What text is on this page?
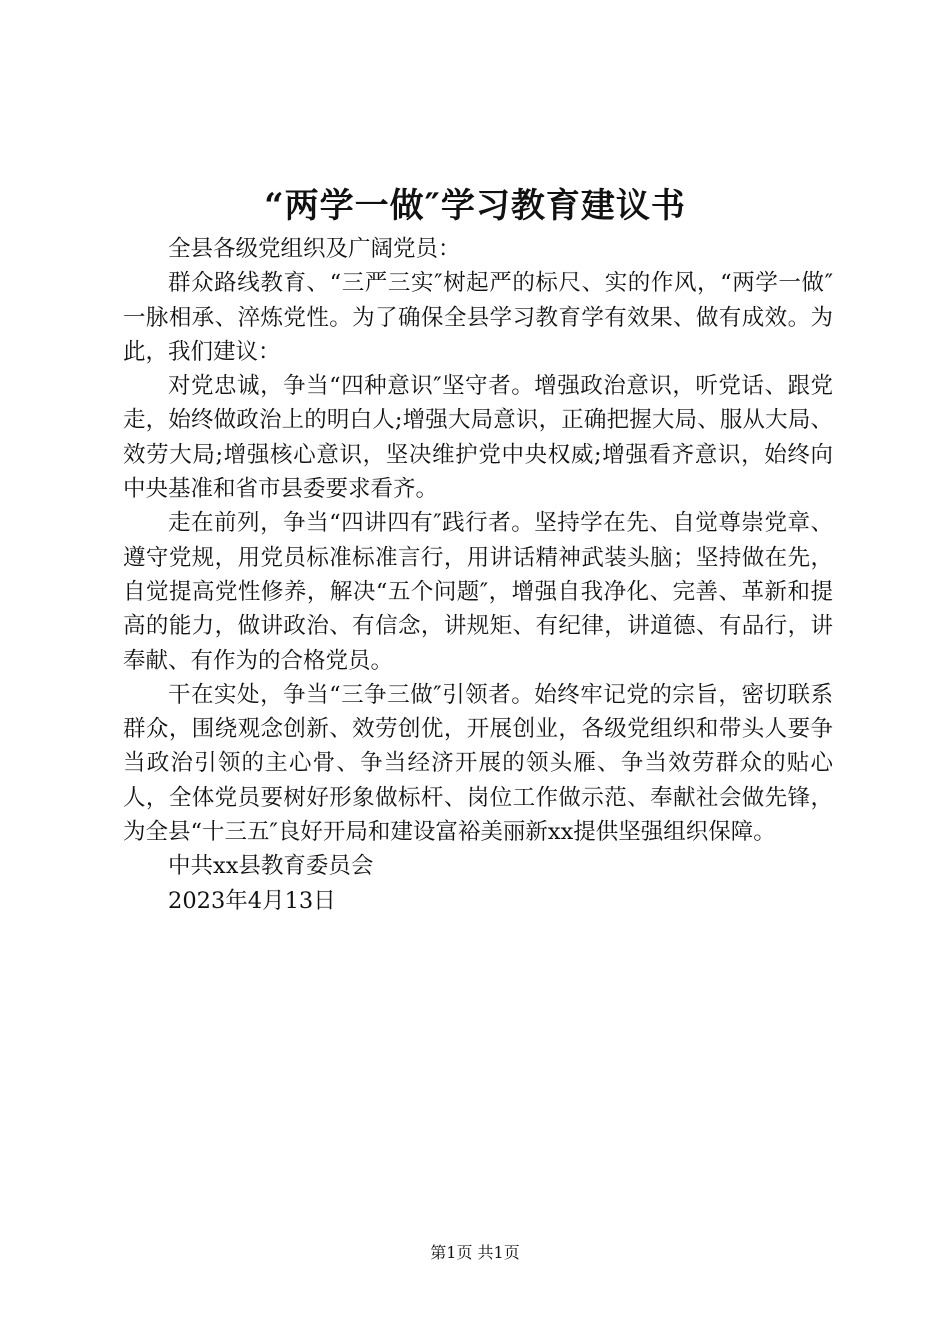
“两学一做″学习教育建议书

全县各级党组织及广阔党员：

群众路线教育、“三严三实″树起严的标尺、实的作风，“两学一做″一脉相承、淬炼党性。为了确保全县学习教育学有效果、做有成效。为此，我们建议：

对党忠诚，争当“四种意识″坚守者。增强政治意识，听党话、跟党走，始终做政治上的明白人;增强大局意识，正确把握大局、服从大局、效劳大局;增强核心意识，坚决维护党中央权威;增强看齐意识，始终向中央基准和省市县委要求看齐。

走在前列，争当“四讲四有″践行者。坚持学在先、自觉尊崇党章、遵守党规，用党员标准标准言行，用讲话精神武装头脑；坚持做在先，自觉提高党性修养，解决“五个问题″，增强自我净化、完善、革新和提高的能力，做讲政治、有信念，讲规矩、有纪律，讲道德、有品行，讲奉献、有作为的合格党员。

干在实处，争当“三争三做″引领者。始终牢记党的宗旨，密切联系群众，围绕观念创新、效劳创优，开展创业，各级党组织和带头人要争当政治引领的主心骨、争当经济开展的领头雁、争当效劳群众的贴心人，全体党员要树好形象做标杆、岗位工作做示范、奉献社会做先锋，为全县“十三五″良好开局和建设富裕美丽新xx提供坚强组织保障。

中共xx县教育委员会

2023年4月13日

第1页 共1页
